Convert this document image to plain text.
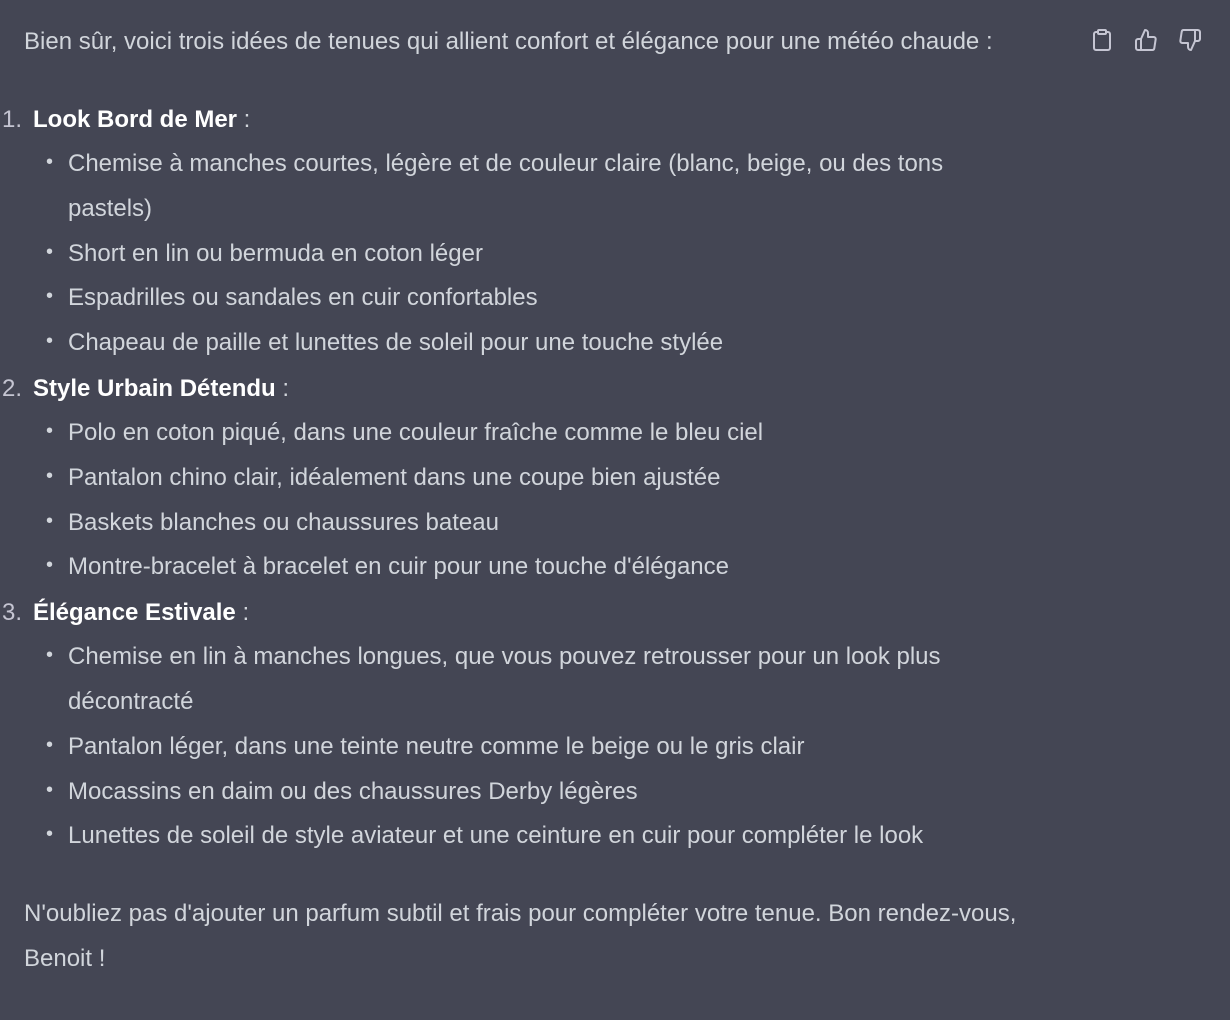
Bien sûr, voici trois idées de tenues qui allient confort et élégance pour une météo chaude :

1. Look Bord de Mer :
• Chemise à manches courtes, légère et de couleur claire (blanc, beige, ou des tons pastels)
• Short en lin ou bermuda en coton léger
• Espadrilles ou sandales en cuir confortables
• Chapeau de paille et lunettes de soleil pour une touche stylée
2. Style Urbain Détendu :
• Polo en coton piqué, dans une couleur fraîche comme le bleu ciel
• Pantalon chino clair, idéalement dans une coupe bien ajustée
• Baskets blanches ou chaussures bateau
• Montre-bracelet à bracelet en cuir pour une touche d'élégance
3. Élégance Estivale :
• Chemise en lin à manches longues, que vous pouvez retrousser pour un look plus décontracté
• Pantalon léger, dans une teinte neutre comme le beige ou le gris clair
• Mocassins en daim ou des chaussures Derby légères
• Lunettes de soleil de style aviateur et une ceinture en cuir pour compléter le look

N'oubliez pas d'ajouter un parfum subtil et frais pour compléter votre tenue. Bon rendez-vous, Benoit !
